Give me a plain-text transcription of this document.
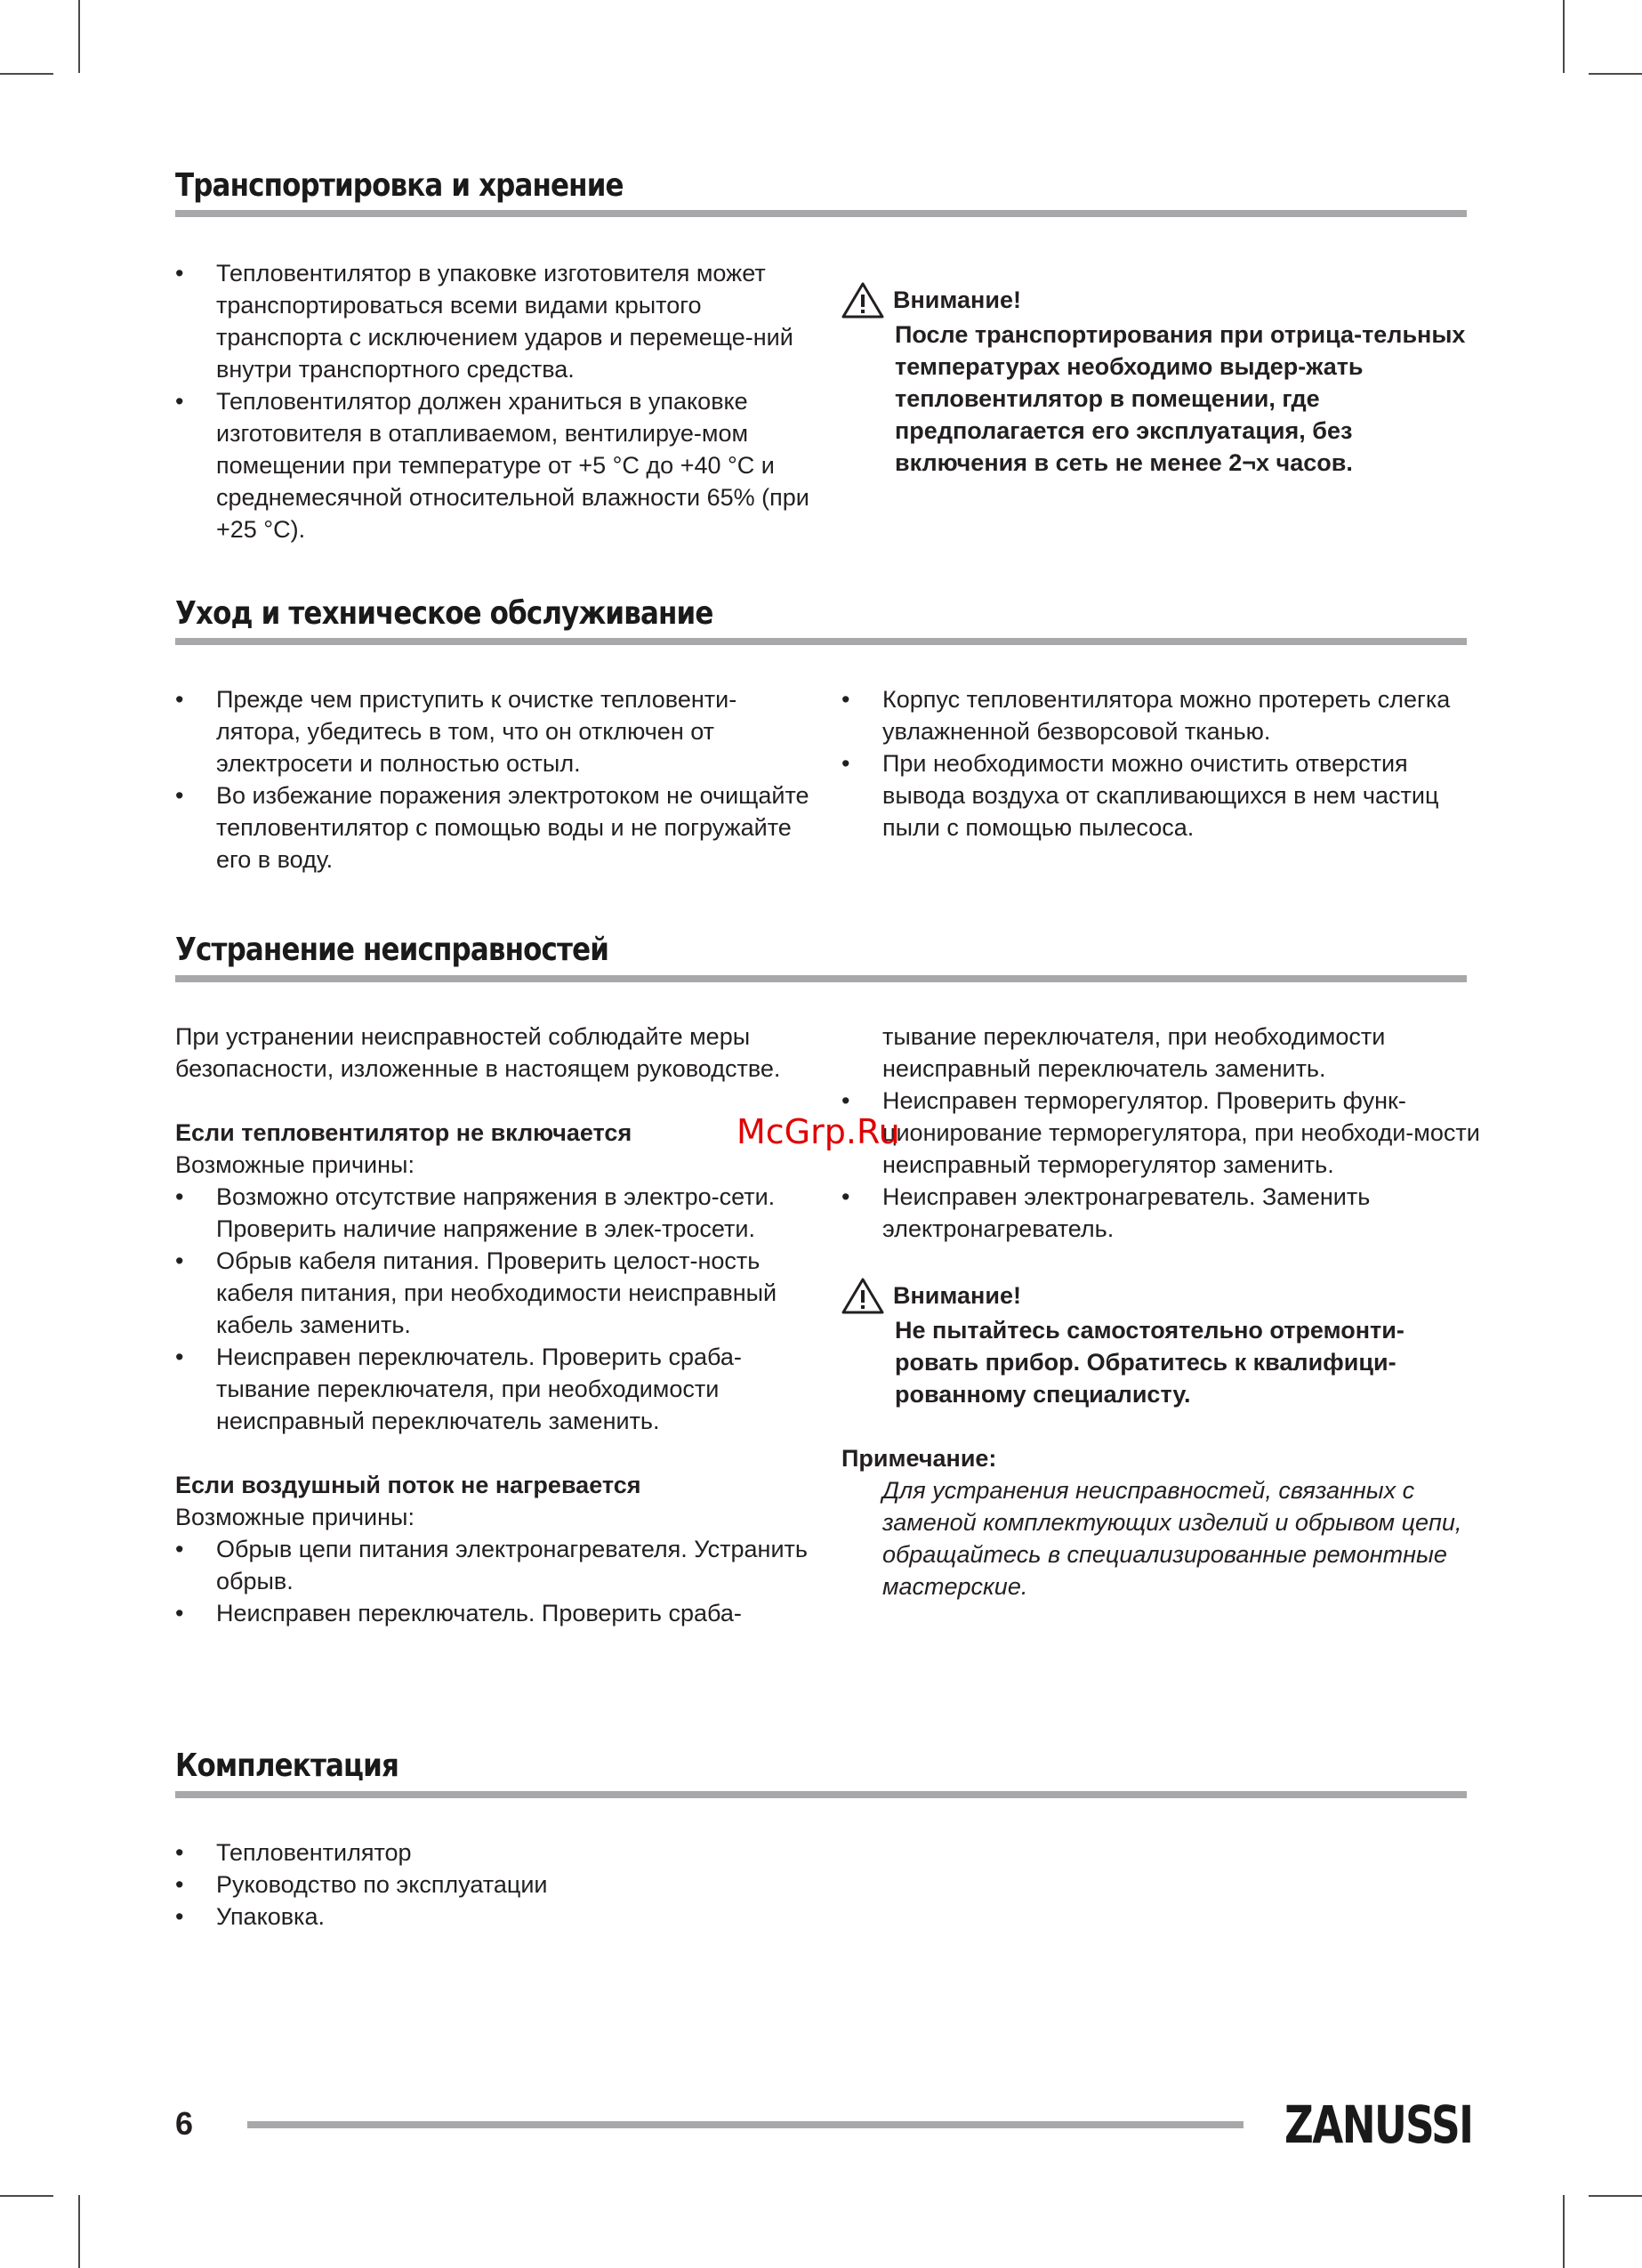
Транспортировка и хранение
• Тепловентилятор в упаковке изготовителя может транспортироваться всеми видами крытого транспорта с исключением ударов и перемеще-ний внутри транспортного средства.
• Тепловентилятор должен храниться в упаковке изготовителя в отапливаемом, вентилируе-мом помещении при температуре от +5 °С до +40 °С и среднемесячной относительной влажности 65% (при +25 °С).

Внимание!

После транспортирования при отрица-тельных температурах необходимо выдер-жать тепловентилятор в помещении, где предполагается его эксплуатация, без включения в сеть не менее 2¬х часов.

Уход и техническое обслуживание
• Прежде чем приступить к очистке тепловенти-лятора, убедитесь в том, что он отключен от электросети и полностью остыл.
• Во избежание поражения электротоком не очищайте тепловентилятор с помощью воды и не погружайте его в воду.
• Корпус тепловентилятора можно протереть слегка увлажненной безворсовой тканью.
• При необходимости можно очистить отверстия вывода воздуха от скапливающихся в нем частиц пыли с помощью пылесоса.
Устранение неисправностей

При устранении неисправностей соблюдайте меры безопасности, изложенные в настоящем руководстве.

Если тепловентилятор не включается

Возможные причины:

• Возможно отсутствие напряжения в электро-сети. Проверить наличие напряжение в элек-тросети.
• Обрыв кабеля питания. Проверить целост-ность кабеля питания, при необходимости неисправный кабель заменить.
• Неисправен переключатель. Проверить сраба-тывание переключателя, при необходимости неисправный переключатель заменить.

Если воздушный поток не нагревается

Возможные причины:

• Обрыв цепи питания электронагревателя. Устранить обрыв.
• Неисправен переключатель. Проверить сраба-

тывание переключателя, при необходимости неисправный переключатель заменить.

• Неисправен терморегулятор. Проверить функ-ционирование терморегулятора, при необходи-мости неисправный терморегулятор заменить.
• Неисправен электронагреватель. Заменить электронагреватель.

Внимание!

Не пытайтесь самостоятельно отремонти-ровать прибор. Обратитесь к квалифици-рованному специалисту.

Примечание:

Для устранения неисправностей, связанных с заменой комплектующих изделий и обрывом цепи, обращайтесь в специализированные ремонтные мастерские.

McGrp.Ru
Комплектация
• Тепловентилятор
• Руководство по эксплуатации
• Упаковка.
6	ZANUSSI
